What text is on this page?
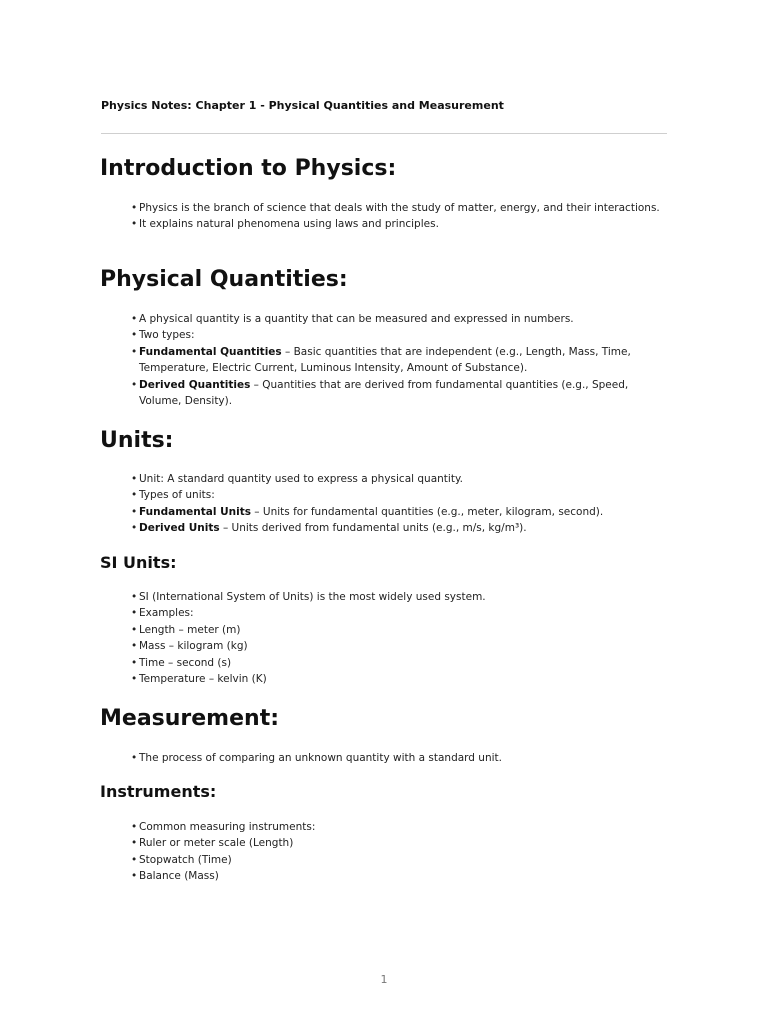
Physics Notes: Chapter 1 - Physical Quantities and Measurement
Introduction to Physics:
• Physics is the branch of science that deals with the study of matter, energy, and their interactions.
• It explains natural phenomena using laws and principles.
Physical Quantities:
• A physical quantity is a quantity that can be measured and expressed in numbers.
• Two types:
• Fundamental Quantities – Basic quantities that are independent (e.g., Length, Mass, Time, Temperature, Electric Current, Luminous Intensity, Amount of Substance).
• Derived Quantities – Quantities that are derived from fundamental quantities (e.g., Speed, Volume, Density).
Units:
• Unit: A standard quantity used to express a physical quantity.
• Types of units:
• Fundamental Units – Units for fundamental quantities (e.g., meter, kilogram, second).
• Derived Units – Units derived from fundamental units (e.g., m/s, kg/m³).
SI Units:
• SI (International System of Units) is the most widely used system.
• Examples:
• Length – meter (m)
• Mass – kilogram (kg)
• Time – second (s)
• Temperature – kelvin (K)
Measurement:
• The process of comparing an unknown quantity with a standard unit.
Instruments:
• Common measuring instruments:
• Ruler or meter scale (Length)
• Stopwatch (Time)
• Balance (Mass)
1
